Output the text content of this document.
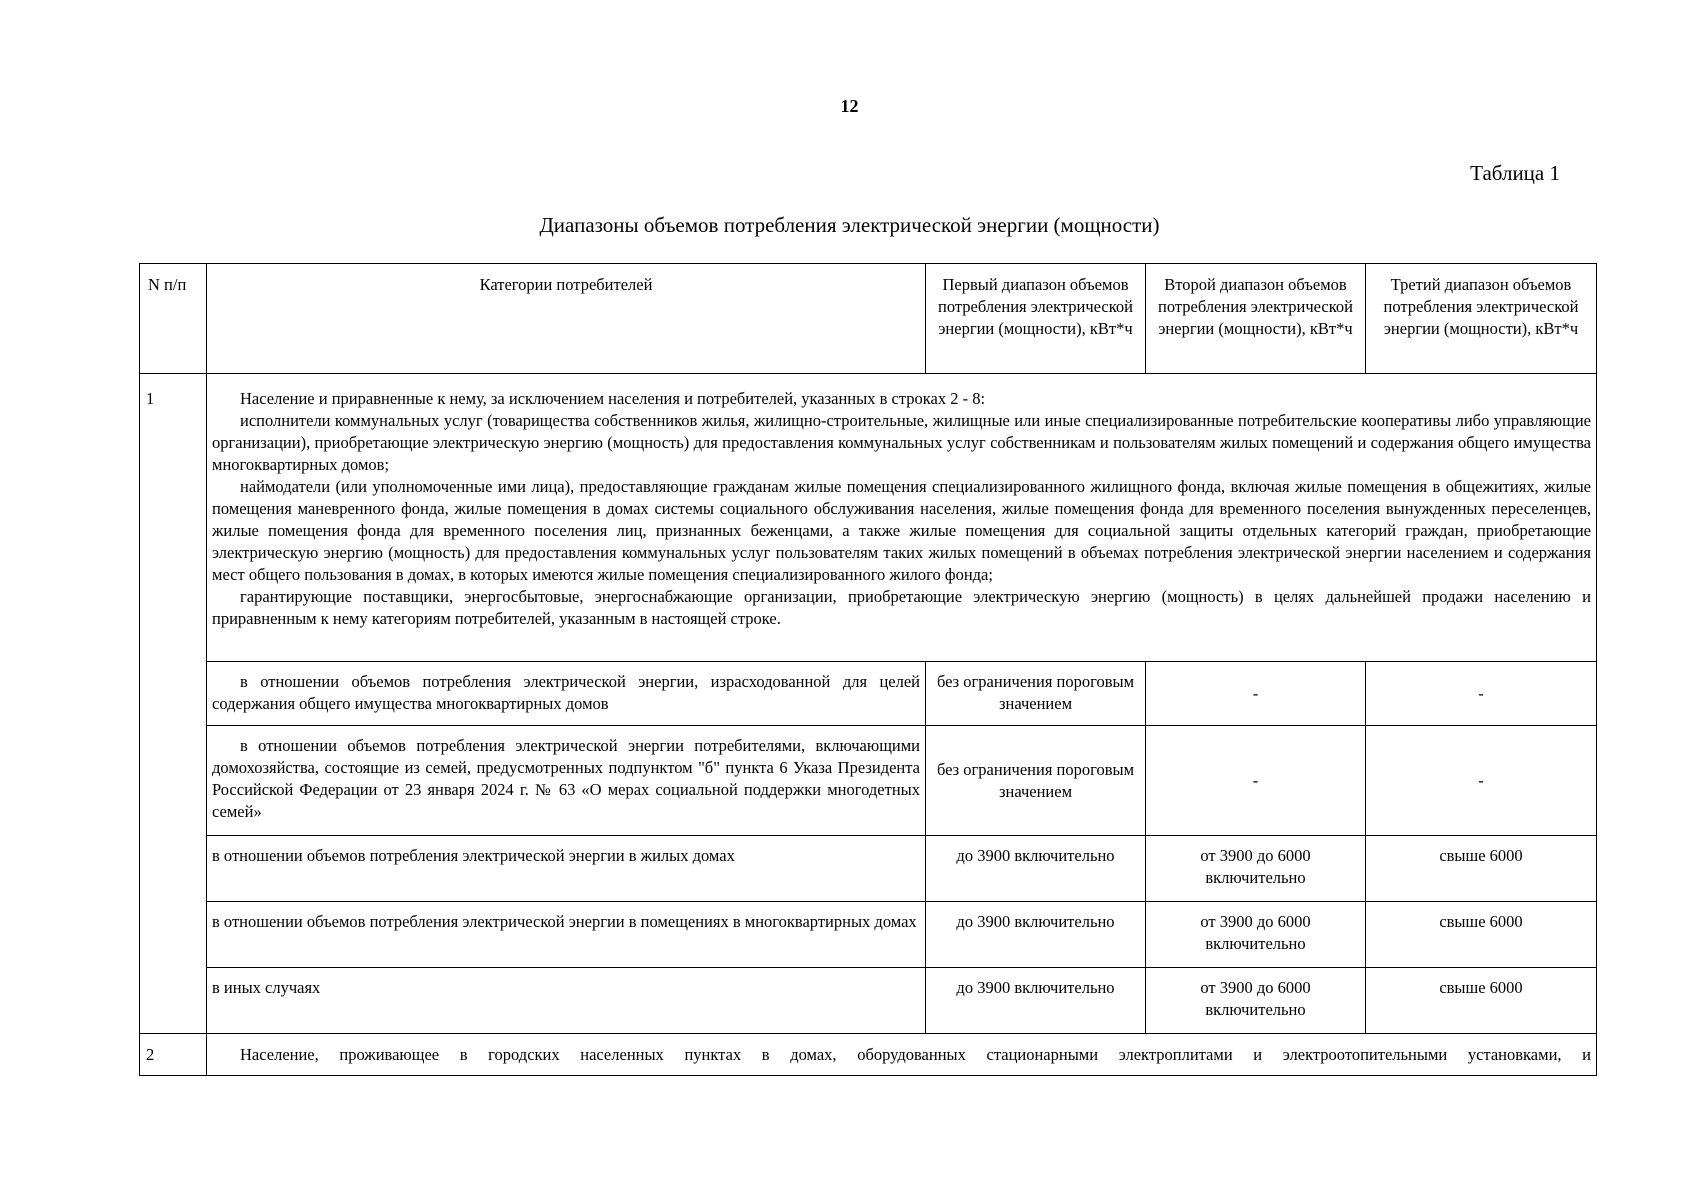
12
Таблица 1
Диапазоны объемов потребления электрической энергии (мощности)
N п/п	Категории потребителей	Первый диапазон объемов потребления электрической энергии (мощности), кВт*ч	Второй диапазон объемов потребления электрической энергии (мощности), кВт*ч	Третий диапазон объемов потребления электрической энергии (мощности), кВт*ч
1	Население и приравненные к нему, за исключением населения и потребителей, указанных в строках 2 - 8:

исполнители коммунальных услуг (товарищества собственников жилья, жилищно-строительные, жилищные или иные специализированные потребительские кооперативы либо управляющие организации), приобретающие электрическую энергию (мощность) для предоставления коммунальных услуг собственникам и пользователям жилых помещений и содержания общего имущества многоквартирных домов;

наймодатели (или уполномоченные ими лица), предоставляющие гражданам жилые помещения специализированного жилищного фонда, включая жилые помещения в общежитиях, жилые помещения маневренного фонда, жилые помещения в домах системы социального обслуживания населения, жилые помещения фонда для временного поселения вынужденных переселенцев, жилые помещения фонда для временного поселения лиц, признанных беженцами, а также жилые помещения для социальной защиты отдельных категорий граждан, приобретающие электрическую энергию (мощность) для предоставления коммунальных услуг пользователям таких жилых помещений в объемах потребления электрической энергии населением и содержания мест общего пользования в домах, в которых имеются жилые помещения специализированного жилого фонда;

гарантирующие поставщики, энергосбытовые, энергоснабжающие организации, приобретающие электрическую энергию (мощность) в целях дальнейшей продажи населению и приравненным к нему категориям потребителей, указанным в настоящей строке.			

	в отношении объемов потребления электрической энергии, израсходованной для целей содержания общего имущества многоквартирных домов	без ограничения пороговым значением	-	-
	в отношении объемов потребления электрической энергии потребителями, включающими домохозяйства, состоящие из семей, предусмотренных подпунктом "б" пункта 6 Указа Президента Российской Федерации от 23 января 2024 г. № 63 «О мерах социальной поддержки многодетных семей»	без ограничения пороговым значением	-	-
	в отношении объемов потребления электрической энергии в жилых домах	до 3900 включительно	от 3900 до 6000 включительно	свыше 6000
	в отношении объемов потребления электрической энергии в помещениях в многоквартирных домах	до 3900 включительно	от 3900 до 6000 включительно	свыше 6000
	в иных случаях	до 3900 включительно	от 3900 до 6000 включительно	свыше 6000
2	Население, проживающее в городских населенных пунктах в домах, оборудованных стационарными электроплитами и электроотопительными установками, и			
